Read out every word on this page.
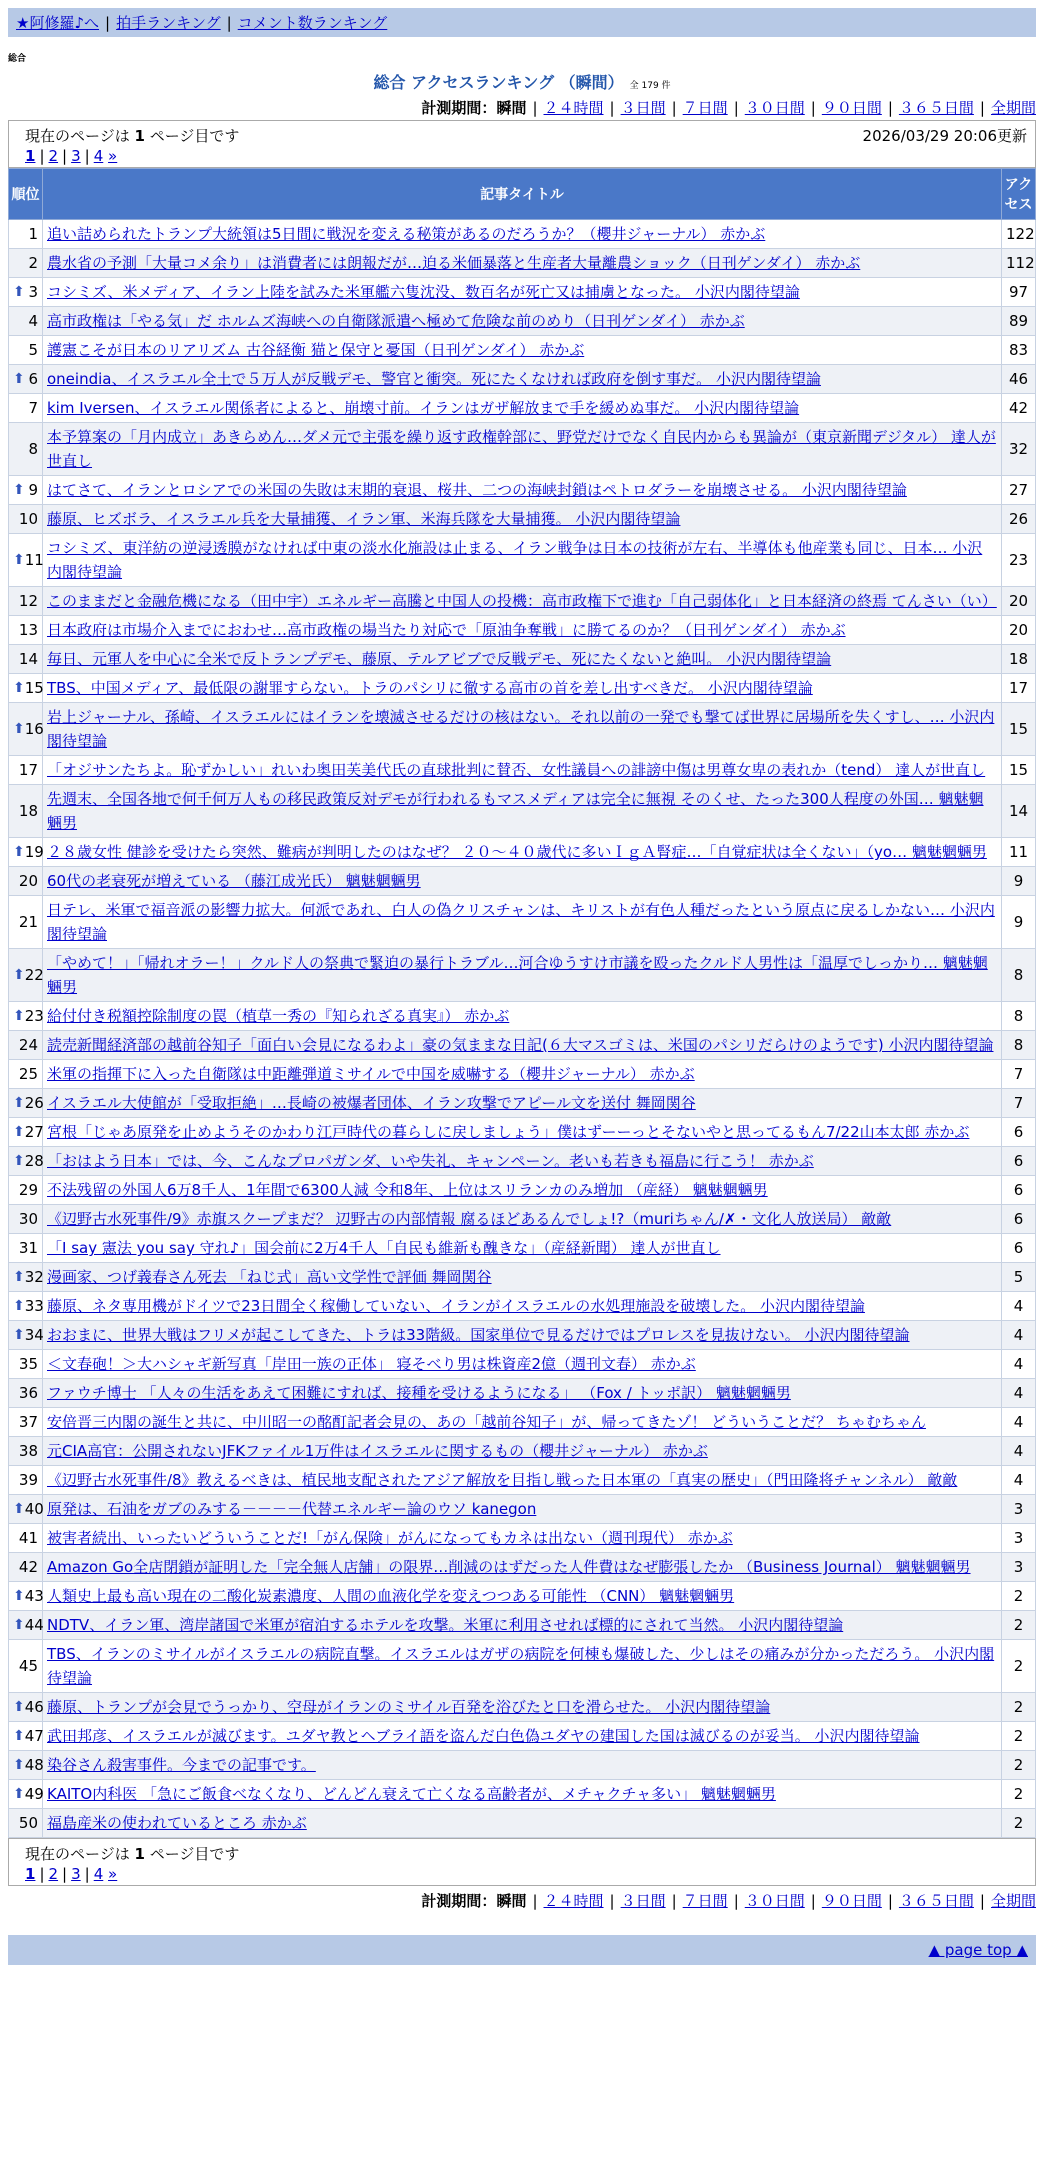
★阿修羅♪へ | 拍手ランキング | コメント数ランキング
総合
総合 アクセスランキング （瞬間） 全 179 件
計測期間：瞬間 | ２４時間 | ３日間 | ７日間 | ３０日間 | ９０日間 | ３６５日間 | 全期間
現在のページは 1 ページ目です	2026/03/29 20:06更新
1 | 2 | 3 | 4 »
順位	記事タイトル	アクセス
1	追い詰められたトランプ大統領は5日間に戦況を変える秘策があるのだろうか？（櫻井ジャーナル） 赤かぶ	122
2	農水省の予測「大量コメ余り」は消費者には朗報だが…迫る米価暴落と生産者大量離農ショック（日刊ゲンダイ） 赤かぶ	112

⬆ 3	コシミズ、米メディア、イラン上陸を試みた米軍艦六隻沈没、数百名が死亡又は捕虜となった。 小沢内閣待望論	97
4	高市政権は「やる気」だ ホルムズ海峡への自衛隊派遣へ極めて危険な前のめり（日刊ゲンダイ） 赤かぶ	89
5	護憲こそが日本のリアリズム 古谷経衡 猫と保守と憂国（日刊ゲンダイ） 赤かぶ	83

⬆ 6	oneindia、イスラエル全土で５万人が反戦デモ、警官と衝突。死にたくなければ政府を倒す事だ。 小沢内閣待望論	46
7	kim Iversen、イスラエル関係者によると、崩壊寸前。イランはガザ解放まで手を緩めぬ事だ。 小沢内閣待望論	42
8	本予算案の「月内成立」あきらめん…ダメ元で主張を繰り返す政権幹部に、野党だけでなく自民内からも異論が（東京新聞デジタル） 達人が世直し	32

⬆ 9	はてさて、イランとロシアでの米国の失敗は末期的衰退、桜井、二つの海峡封鎖はペトロダラーを崩壊させる。 小沢内閣待望論	27
10	藤原、ヒズボラ、イスラエル兵を大量捕獲、イラン軍、米海兵隊を大量捕獲。 小沢内閣待望論	26

⬆ 11	コシミズ、東洋紡の逆浸透膜がなければ中東の淡水化施設は止まる、イラン戦争は日本の技術が左右、半導体も他産業も同じ、日本… 小沢内閣待望論	23
12	このままだと金融危機になる（田中宇）エネルギー高騰と中国人の投機：高市政権下で進む「自己弱体化」と日本経済の終焉 てんさい（い）	20
13	日本政府は市場介入までにおわせ…高市政権の場当たり対応で「原油争奪戦」に勝てるのか？（日刊ゲンダイ） 赤かぶ	20
14	毎日、元軍人を中心に全米で反トランプデモ、藤原、テルアビブで反戦デモ、死にたくないと絶叫。 小沢内閣待望論	18

⬆ 15	TBS、中国メディア、最低限の謝罪すらない。トラのパシリに徹する高市の首を差し出すべきだ。 小沢内閣待望論	17

⬆ 16	岩上ジャーナル、孫崎、イスラエルにはイランを壊滅させるだけの核はない。それ以前の一発でも撃てば世界に居場所を失くすし、… 小沢内閣待望論	15
17	「オジサンたちよ。恥ずかしい」れいわ奥田芙美代氏の直球批判に賛否、女性議員への誹謗中傷は男尊女卑の表れか（tend） 達人が世直し	15
18	先週末、全国各地で何千何万人もの移民政策反対デモが行われるもマスメディアは完全に無視 そのくせ、たった300人程度の外国… 魑魅魍魎男	14

⬆ 19	２８歳女性 健診を受けたら突然、難病が判明したのはなぜ？ ２０～４０歳代に多いＩｇＡ腎症…「自覚症状は全くない」（yo… 魑魅魍魎男	11
20	60代の老衰死が増えている （藤江成光氏） 魑魅魍魎男	9
21	日テレ、米軍で福音派の影響力拡大。何派であれ、白人の偽クリスチャンは、キリストが有色人種だったという原点に戻るしかない… 小沢内閣待望論	9

⬆ 22	「やめて！」「帰れオラー！」クルド人の祭典で緊迫の暴行トラブル…河合ゆうすけ市議を殴ったクルド人男性は「温厚でしっかり… 魑魅魍魎男	8

⬆ 23	給付付き税額控除制度の罠（植草一秀の『知られざる真実』） 赤かぶ	8
24	読売新聞経済部の越前谷知子「面白い会見になるわよ」豪の気ままな日記(６大マスゴミは、米国のパシリだらけのようです) 小沢内閣待望論	8
25	米軍の指揮下に入った自衛隊は中距離弾道ミサイルで中国を威嚇する（櫻井ジャーナル） 赤かぶ	7

⬆ 26	イスラエル大使館が「受取拒絶」…長崎の被爆者団体、イラン攻撃でアピール文を送付 舞岡関谷	7

⬆ 27	宮根「じゃあ原発を止めようそのかわり江戸時代の暮らしに戻しましょう」僕はずーーっとそないやと思ってるもん7/22山本太郎 赤かぶ	6

⬆ 28	「おはよう日本」では、今、こんなプロパガンダ、いや失礼、キャンペーン。老いも若きも福島に行こう！ 赤かぶ	6
29	不法残留の外国人6万8千人、1年間で6300人減 令和8年、上位はスリランカのみ増加 （産経） 魑魅魍魎男	6
30	《辺野古水死事件/9》赤旗スクープまだ？ 辺野古の内部情報 腐るほどあるんでしょ!?（muriちゃん/✗・文化人放送局） 敵敵	6
31	「I say 憲法 you say 守れ♪」国会前に2万4千人「自民も維新も醜きな」（産経新聞） 達人が世直し	6

⬆ 32	漫画家、つげ義春さん死去 「ねじ式」高い文学性で評価 舞岡関谷	5

⬆ 33	藤原、ネタ専用機がドイツで23日間全く稼働していない、イランがイスラエルの水処理施設を破壊した。 小沢内閣待望論	4

⬆ 34	おおまに、世界大戦はフリメが起こしてきた、トラは33階級。国家単位で見るだけではプロレスを見抜けない。 小沢内閣待望論	4
35	＜文春砲！＞大ハシャギ新写真「岸田一族の正体」 寝そべり男は株資産2億（週刊文春） 赤かぶ	4
36	ファウチ博士 「人々の生活をあえて困難にすれば、接種を受けるようになる」 （Fox / トッポ訳） 魑魅魍魎男	4
37	安倍晋三内閣の誕生と共に、中川昭一の酩酊記者会見の、あの「越前谷知子」が、帰ってきたゾ！ どういうことだ？ ちゃむちゃん	4
38	元CIA高官：公開されないJFKファイル1万件はイスラエルに関するもの（櫻井ジャーナル） 赤かぶ	4
39	《辺野古水死事件/8》教えるべきは、植民地支配されたアジア解放を目指し戦った日本軍の「真実の歴史」（門田隆将チャンネル） 敵敵	4

⬆ 40	原発は、石油をガブのみする－－－－代替エネルギー論のウソ kanegon	3
41	被害者続出、いったいどういうことだ!「がん保険」がんになってもカネは出ない（週刊現代） 赤かぶ	3
42	Amazon Go全店閉鎖が証明した「完全無人店舗」の限界…削減のはずだった人件費はなぜ膨張したか （Business Journal） 魑魅魍魎男	3

⬆ 43	人類史上最も高い現在の二酸化炭素濃度、人間の血液化学を変えつつある可能性 （CNN） 魑魅魍魎男	2

⬆ 44	NDTV、イラン軍、湾岸諸国で米軍が宿泊するホテルを攻撃。米軍に利用させれば標的にされて当然。 小沢内閣待望論	2
45	TBS、イランのミサイルがイスラエルの病院直撃。イスラエルはガザの病院を何棟も爆破した、少しはその痛みが分かっただろう。 小沢内閣待望論	2

⬆ 46	藤原、トランプが会見でうっかり、空母がイランのミサイル百発を浴びたと口を滑らせた。 小沢内閣待望論	2

⬆ 47	武田邦彦、イスラエルが滅びます。ユダヤ教とヘブライ語を盗んだ白色偽ユダヤの建国した国は滅びるのが妥当。 小沢内閣待望論	2

⬆ 48	染谷さん殺害事件。今までの記事です。	2

⬆ 49	KAITO内科医 「急にご飯食べなくなり、どんどん衰えて亡くなる高齢者が、メチャクチャ多い」 魑魅魍魎男	2
50	福島産米の使われているところ 赤かぶ	2
現在のページは 1 ページ目です
1 | 2 | 3 | 4 »
計測期間：瞬間 | ２４時間 | ３日間 | ７日間 | ３０日間 | ９０日間 | ３６５日間 | 全期間
▲ page top ▲
